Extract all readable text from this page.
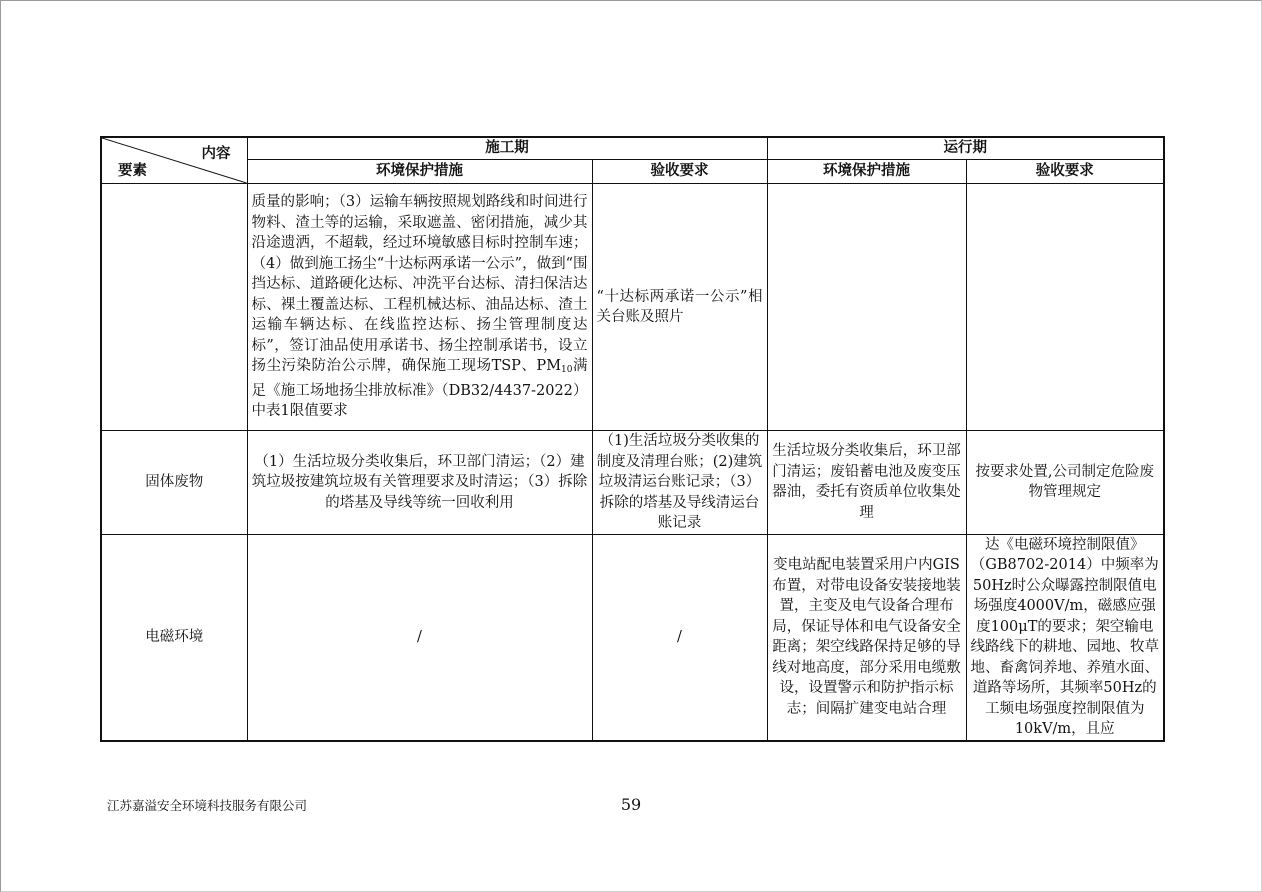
内容
要素	施工期		运行期	
	环境保护措施	验收要求	环境保护措施	验收要求
	质量的影响；（3）运输车辆按照规划路线和时间进行物料、渣土等的运输，采取遮盖、密闭措施，减少其沿途遗洒，不超载，经过环境敏感目标时控制车速；（4）做到施工扬尘“十达标两承诺一公示”，做到“围挡达标、道路硬化达标、冲洗平台达标、清扫保洁达标、裸土覆盖达标、工程机械达标、油品达标、渣土运输车辆达标、在线监控达标、扬尘管理制度达标”，签订油品使用承诺书、扬尘控制承诺书，设立扬尘污染防治公示牌，确保施工现场TSP、$PM_{10}$满足《施工场地扬尘排放标准》（DB32/4437-2022）中表1限值要求	“十达标两承诺一公示”相关台账及照片		
固体废物	（1）生活垃圾分类收集后，环卫部门清运；（2）建筑垃圾按建筑垃圾有关管理要求及时清运；（3）拆除的塔基及导线等统一回收利用	（1)生活垃圾分类收集的制度及清理台账；(2)建筑垃圾清运台账记录；（3）拆除的塔基及导线清运台账记录	生活垃圾分类收集后，环卫部门清运；废铅蓄电池及废变压器油，委托有资质单位收集处理	按要求处置,公司制定危险废物管理规定
电磁环境	/	/	变电站配电装置采用户内GIS布置，对带电设备安装接地装置，主变及电气设备合理布局，保证导体和电气设备安全距离；架空线路保持足够的导线对地高度，部分采用电缆敷设，设置警示和防护指示标志；间隔扩建变电站合理	达《电磁环境控制限值》（GB8702-2014）中频率为50Hz时公众曝露控制限值电场强度4000V/m，磁感应强度100μT的要求；架空输电线路线下的耕地、园地、牧草地、畜禽饲养地、养殖水面、道路等场所，其频率50Hz的工频电场强度控制限值为10kV/m，且应
江苏嘉溢安全环境科技服务有限公司	59
